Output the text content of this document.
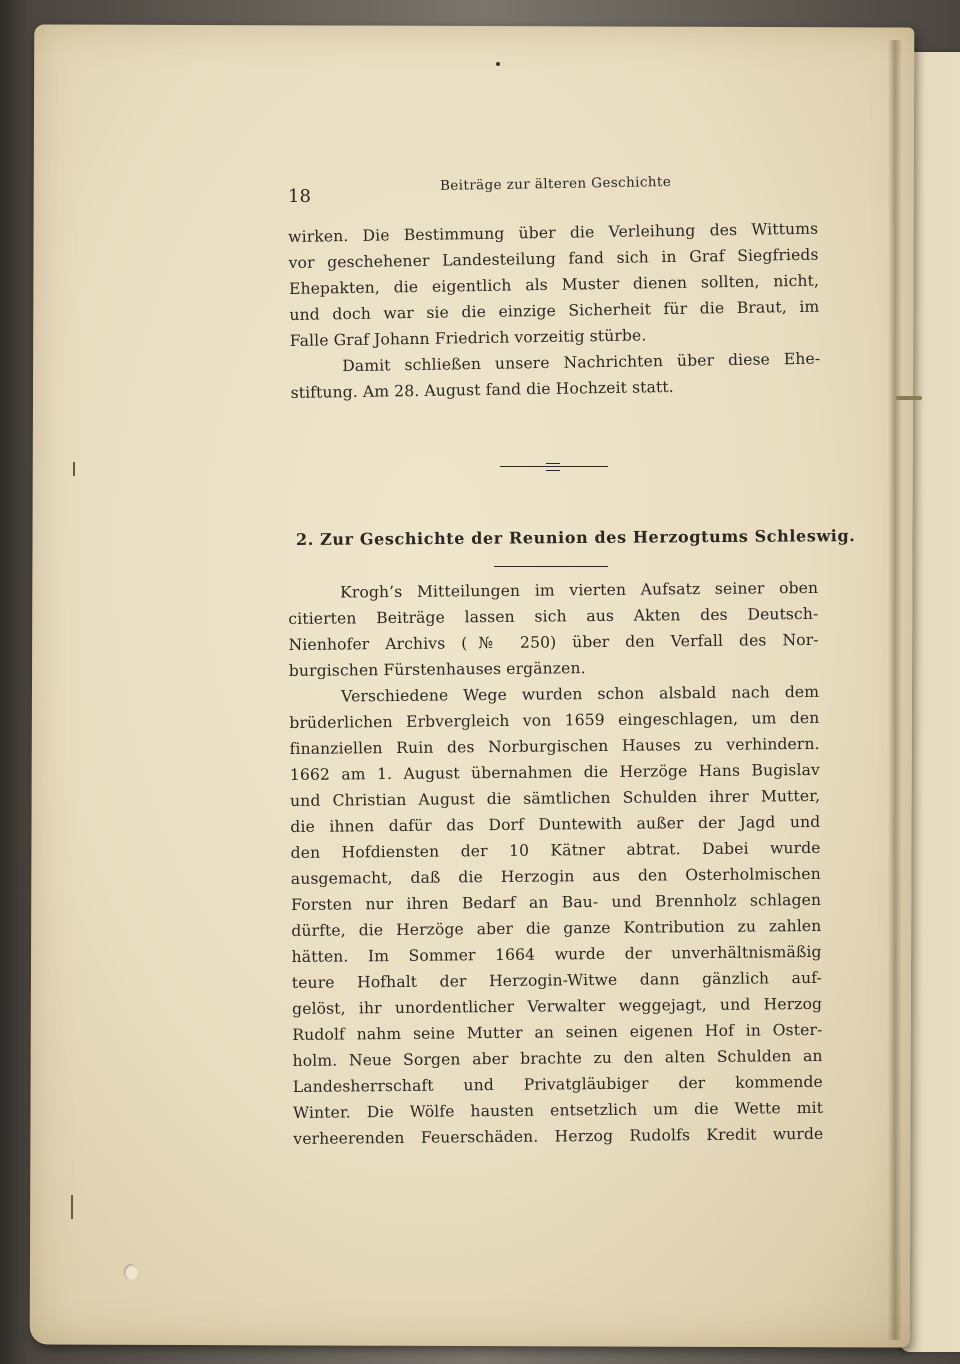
18
Beiträge zur älteren Geschichte
wirken. Die Bestimmung über die Verleihung des Wittums
vor geschehener Landesteilung fand sich in Graf Siegfrieds
Ehepakten, die eigentlich als Muster dienen sollten, nicht,
und doch war sie die einzige Sicherheit für die Braut, im
Falle Graf Johann Friedrich vorzeitig stürbe.
Damit schließen unsere Nachrichten über diese Ehe-
stiftung. Am 28. August fand die Hochzeit statt.
2. Zur Geschichte der Reunion des Herzogtums Schleswig.
Krogh’s Mitteilungen im vierten Aufsatz seiner oben
citierten Beiträge lassen sich aus Akten des Deutsch-
Nienhofer Archivs (№ 250) über den Verfall des Nor-
burgischen Fürstenhauses ergänzen.
Verschiedene Wege wurden schon alsbald nach dem
brüderlichen Erbvergleich von 1659 eingeschlagen, um den
finanziellen Ruin des Norburgischen Hauses zu verhindern.
1662 am 1. August übernahmen die Herzöge Hans Bugislav
und Christian August die sämtlichen Schulden ihrer Mutter,
die ihnen dafür das Dorf Duntewith außer der Jagd und
den Hofdiensten der 10 Kätner abtrat. Dabei wurde
ausgemacht, daß die Herzogin aus den Osterholmischen
Forsten nur ihren Bedarf an Bau- und Brennholz schlagen
dürfte, die Herzöge aber die ganze Kontribution zu zahlen
hätten. Im Sommer 1664 wurde der unverhältnismäßig
teure Hofhalt der Herzogin-Witwe dann gänzlich auf-
gelöst, ihr unordentlicher Verwalter weggejagt, und Herzog
Rudolf nahm seine Mutter an seinen eigenen Hof in Oster-
holm. Neue Sorgen aber brachte zu den alten Schulden an
Landesherrschaft und Privatgläubiger der kommende
Winter. Die Wölfe hausten entsetzlich um die Wette mit
verheerenden Feuerschäden. Herzog Rudolfs Kredit wurde
